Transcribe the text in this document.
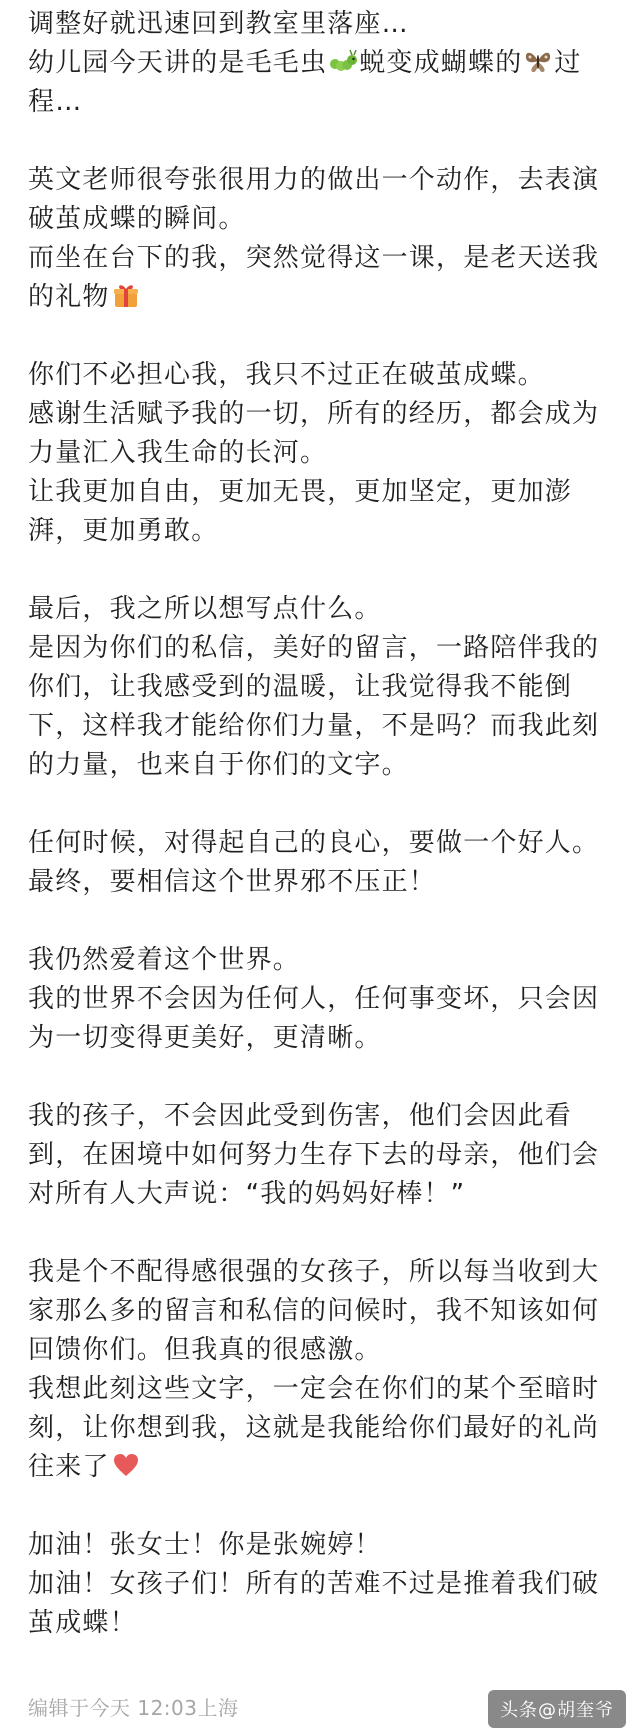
调整好就迅速回到教室里落座…
幼儿园今天讲的是毛毛虫 蜕变成蝴蝶的 过
程…
英文老师很夸张很用力的做出一个动作，去表演
破茧成蝶的瞬间。
而坐在台下的我，突然觉得这一课，是老天送我
的礼物
你们不必担心我，我只不过正在破茧成蝶。
感谢生活赋予我的一切，所有的经历，都会成为
力量汇入我生命的长河。
让我更加自由，更加无畏，更加坚定，更加澎
湃，更加勇敢。
最后，我之所以想写点什么。
是因为你们的私信，美好的留言，一路陪伴我的
你们，让我感受到的温暖，让我觉得我不能倒
下，这样我才能给你们力量，不是吗？而我此刻
的力量，也来自于你们的文字。
任何时候，对得起自己的良心，要做一个好人。
最终，要相信这个世界邪不压正！
我仍然爱着这个世界。
我的世界不会因为任何人，任何事变坏，只会因
为一切变得更美好，更清晰。
我的孩子，不会因此受到伤害，他们会因此看
到，在困境中如何努力生存下去的母亲，他们会
对所有人大声说：“我的妈妈好棒！”
我是个不配得感很强的女孩子，所以每当收到大
家那么多的留言和私信的问候时，我不知该如何
回馈你们。但我真的很感激。
我想此刻这些文字，一定会在你们的某个至暗时
刻，让你想到我，这就是我能给你们最好的礼尚
往来了
加油！张女士！你是张婉婷！
加油！女孩子们！所有的苦难不过是推着我们破
茧成蝶！
编辑于今天 12:03上海	头条@胡奎爷
